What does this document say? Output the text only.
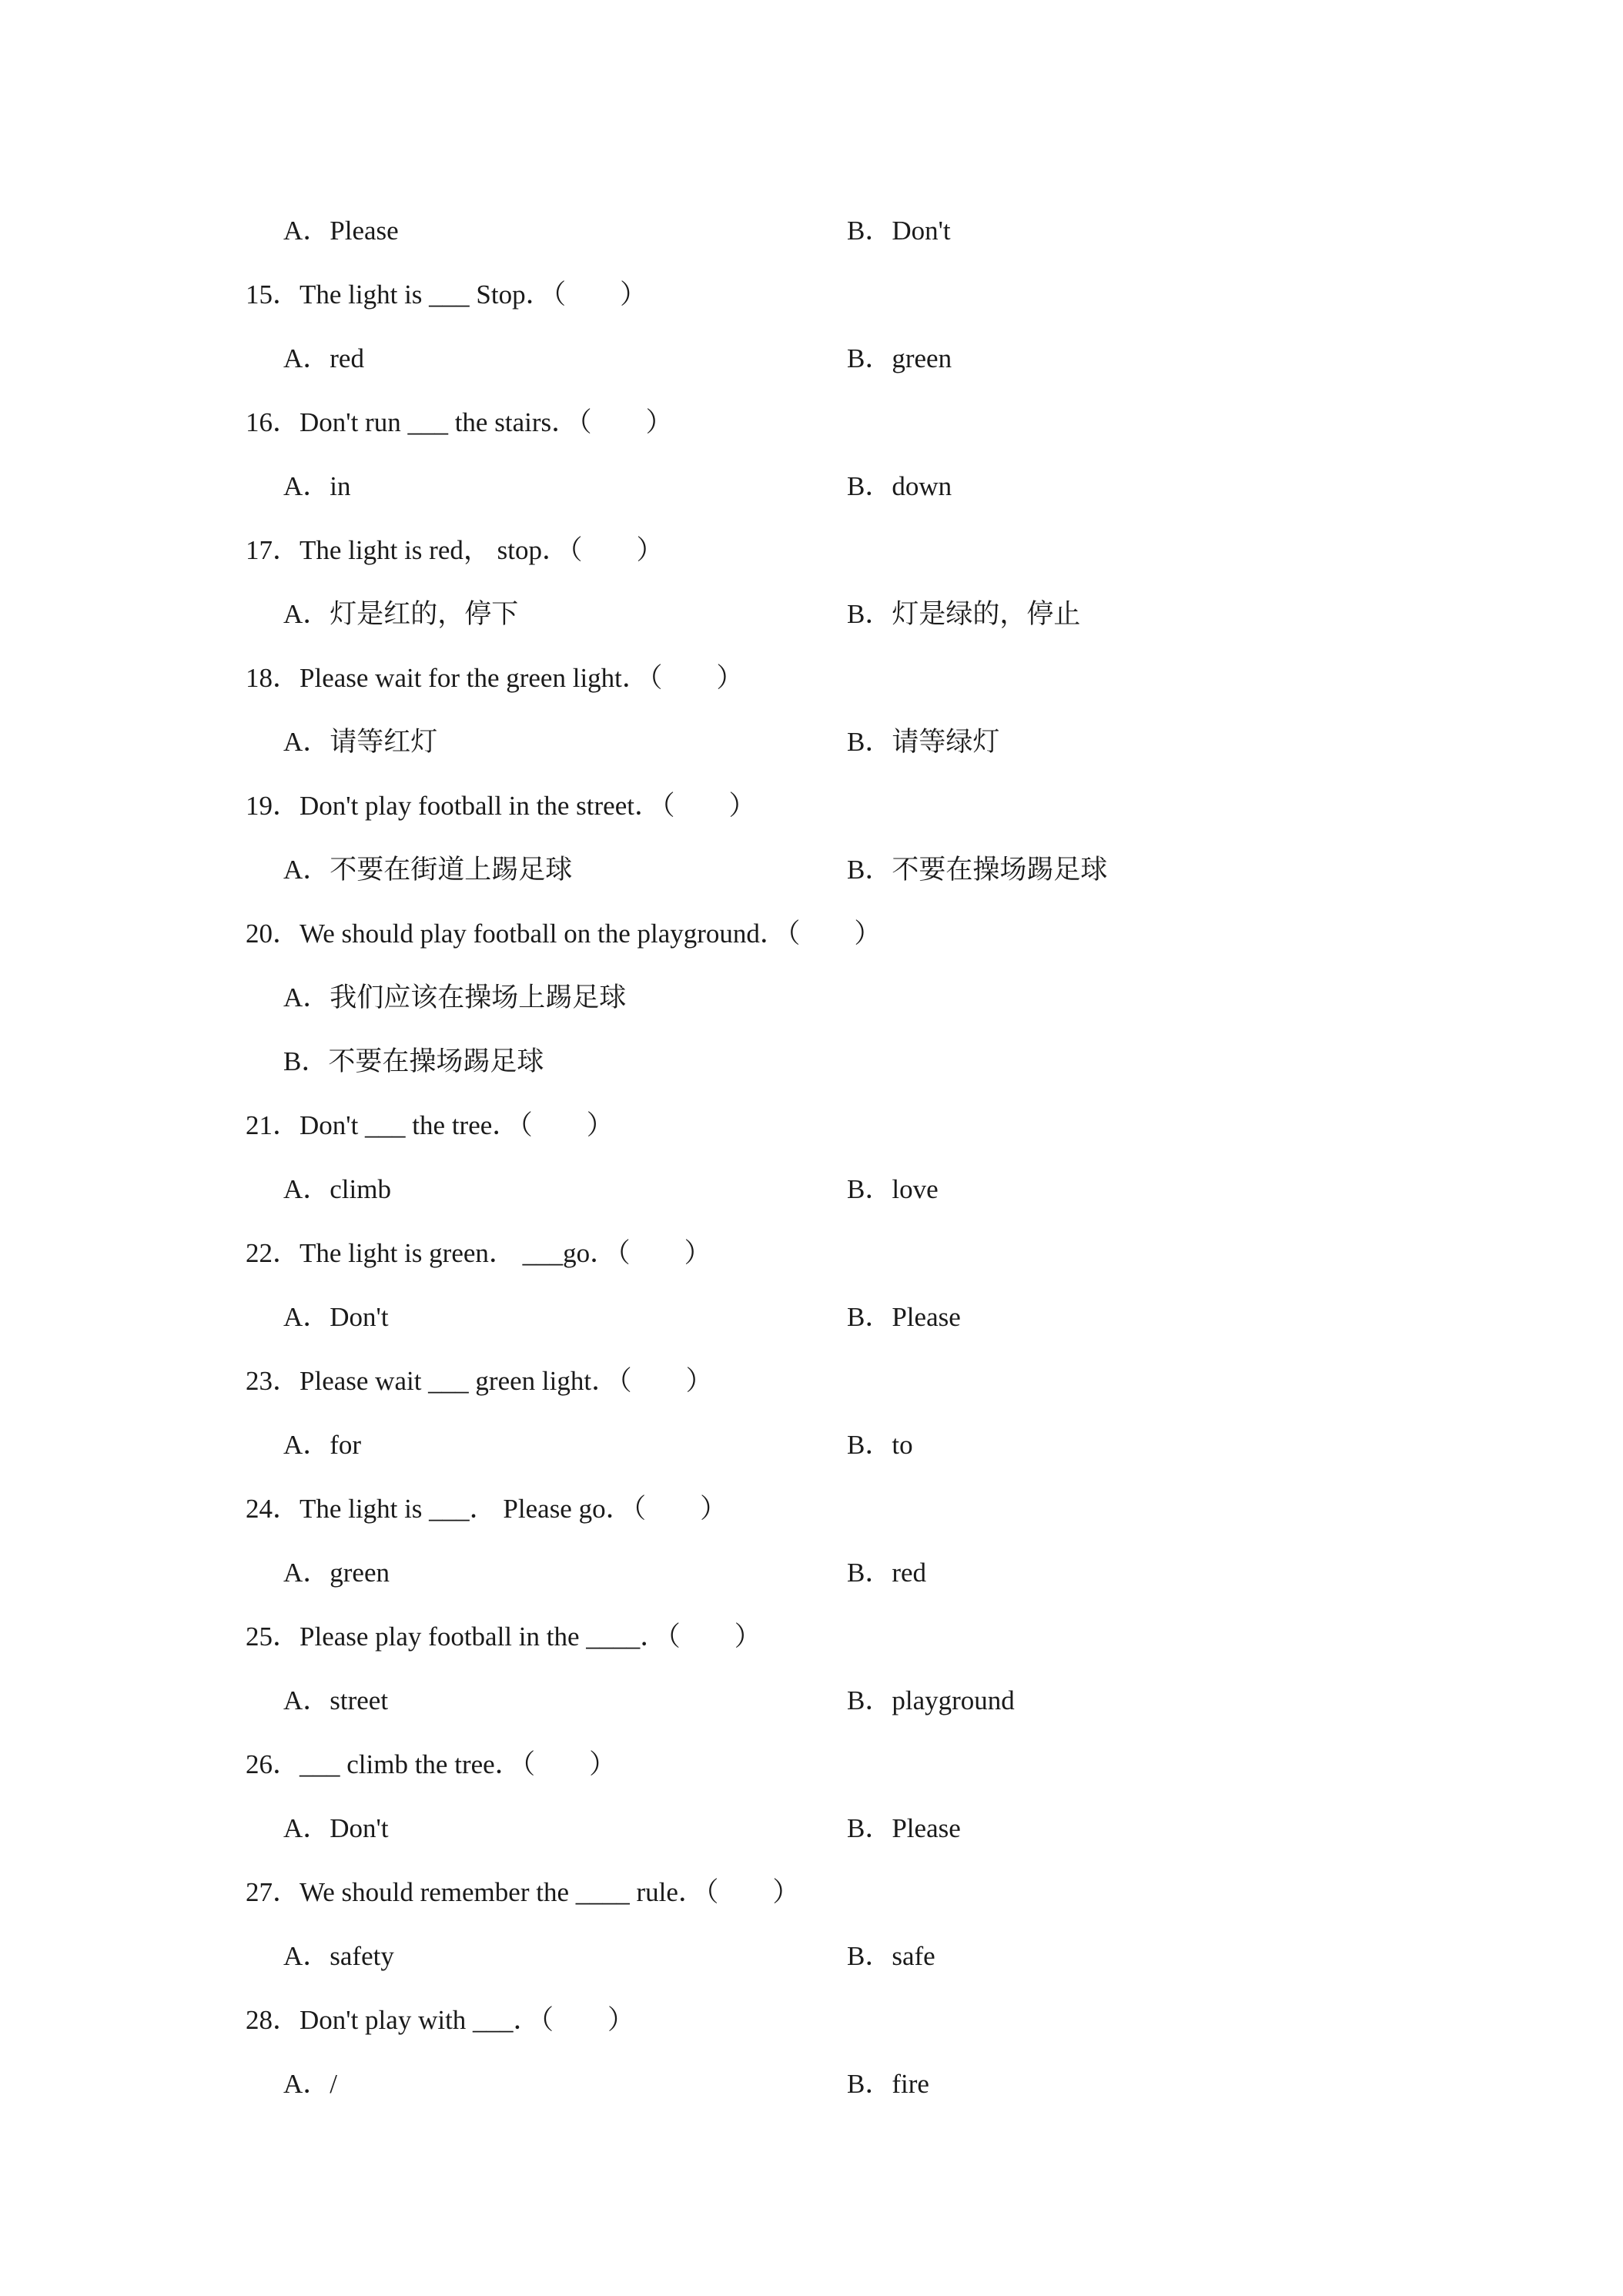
A．Please	B．Don't
15．The light is ___ Stop．（　　）
A．red	B．green
16．Don't run ___ the stairs．（　　）
A．in	B．down
17．The light is red， stop．（　　）
A．灯是红的，停下	B．灯是绿的，停止
18．Please wait for the green light．（　　）
A．请等红灯	B．请等绿灯
19．Don't play football in the street．（　　）
A．不要在街道上踢足球	B．不要在操场踢足球
20．We should play football on the playground．（　　）
A．我们应该在操场上踢足球
B．不要在操场踢足球
21．Don't ___ the tree．（　　）
A．climb	B．love
22．The light is green． ___go．（　　）
A．Don't	B．Please
23．Please wait ___ green light．（　　）
A．for	B．to
24．The light is ___． Please go．（　　）
A．green	B．red
25．Please play football in the ____．（　　）
A．street	B．playground
26．___ climb the tree．（　　）
A．Don't	B．Please
27．We should remember the ____ rule．（　　）
A．safety	B．safe
28．Don't play with ___．（　　）
A．/	B．fire
